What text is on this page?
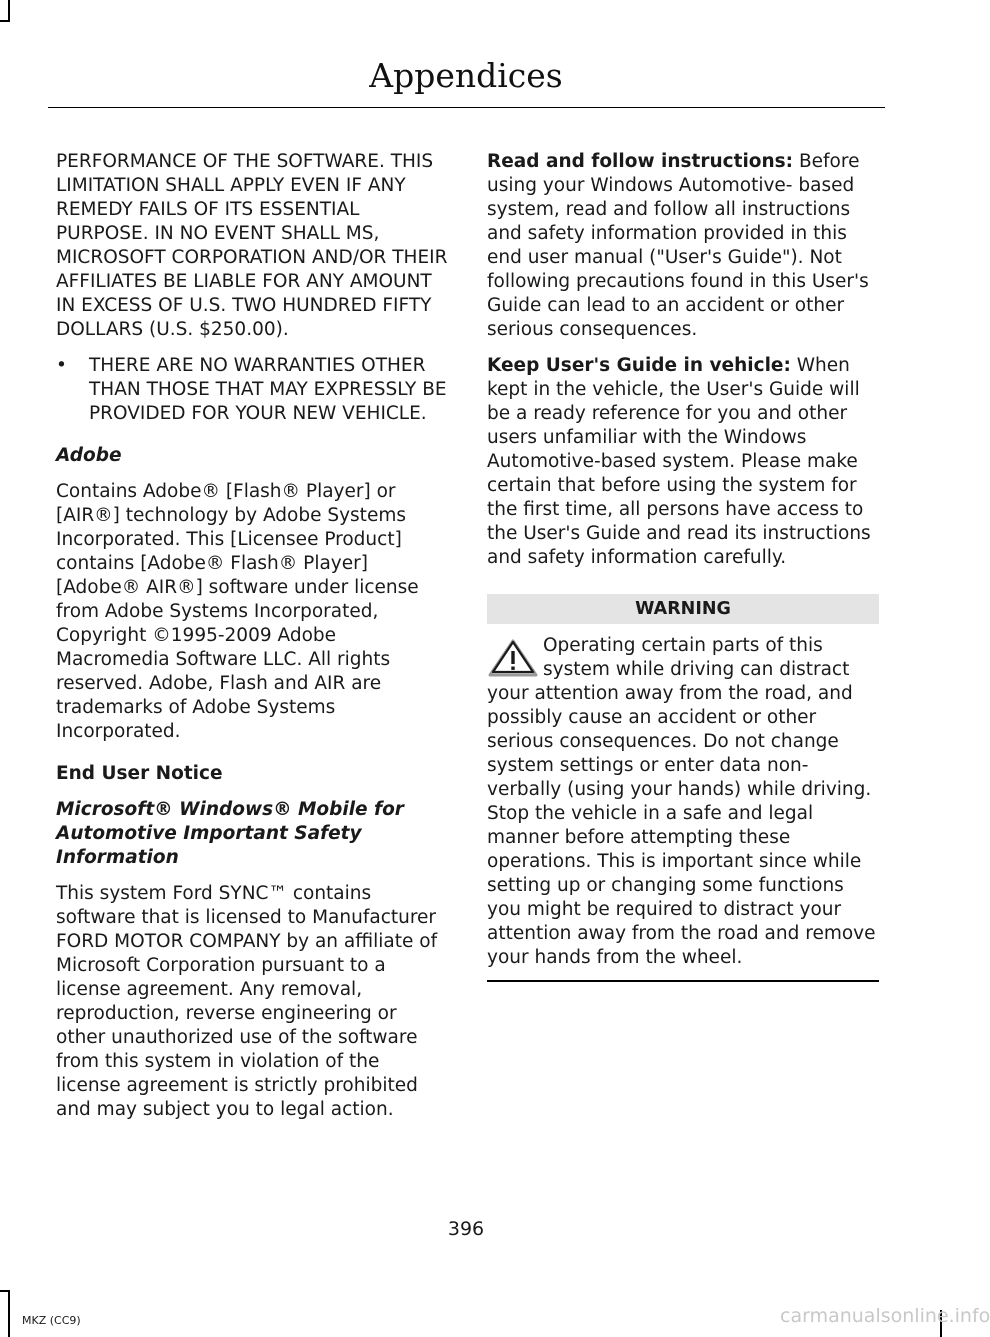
Appendices

PERFORMANCE OF THE SOFTWARE. THIS LIMITATION SHALL APPLY EVEN IF ANY REMEDY FAILS OF ITS ESSENTIAL PURPOSE. IN NO EVENT SHALL MS, MICROSOFT CORPORATION AND/OR THEIR AFFILIATES BE LIABLE FOR ANY AMOUNT IN EXCESS OF U.S. TWO HUNDRED FIFTY DOLLARS (U.S. $250.00).

• THERE ARE NO WARRANTIES OTHER THAN THOSE THAT MAY EXPRESSLY BE PROVIDED FOR YOUR NEW VEHICLE.
Adobe

Contains Adobe® [Flash® Player] or [AIR®] technology by Adobe Systems Incorporated. This [Licensee Product] contains [Adobe® Flash® Player] [Adobe® AIR®] software under license from Adobe Systems Incorporated, Copyright ©1995-2009 Adobe Macromedia Software LLC. All rights reserved. Adobe, Flash and AIR are trademarks of Adobe Systems Incorporated.

End User Notice
Microsoft® Windows® Mobile for Automotive Important Safety Information

This system Ford SYNC™ contains software that is licensed to Manufacturer FORD MOTOR COMPANY by an affiliate of Microsoft Corporation pursuant to a license agreement. Any removal, reproduction, reverse engineering or other unauthorized use of the software from this system in violation of the license agreement is strictly prohibited and may subject you to legal action.

Read and follow instructions: Before using your Windows Automotive- based system, read and follow all instructions and safety information provided in this end user manual ("User's Guide"). Not following precautions found in this User's Guide can lead to an accident or other serious consequences.

Keep User's Guide in vehicle: When kept in the vehicle, the User's Guide will be a ready reference for you and other users unfamiliar with the Windows Automotive-based system. Please make certain that before using the system for the first time, all persons have access to the User's Guide and read its instructions and safety information carefully.

WARNING

Operating certain parts of this system while driving can distract your attention away from the road, and possibly cause an accident or other serious consequences. Do not change system settings or enter data non-verbally (using your hands) while driving. Stop the vehicle in a safe and legal manner before attempting these operations. This is important since while setting up or changing some functions you might be required to distract your attention away from the road and remove your hands from the wheel.

396
MKZ (CC9)	carmanualsonline.info
